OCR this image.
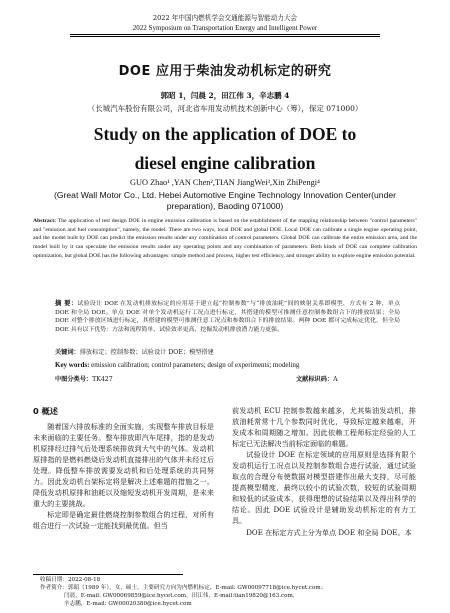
2022 年中国内燃机学会交通能源与智能动力大会
2022 Symposium on Transportation Energy and Intelligent Power
DOE 应用于柴油发动机标定的研究
郭昭 1，闫晨 2，田江伟 3，辛志鹏 4
（长城汽车股份有限公司，河北省车用发动机技术创新中心（筹），保定 071000）
Study on the application of DOE to
diesel engine calibration
GUO Zhao¹ ,YAN Chen²,TIAN JiangWei³,Xin ZhiPengi⁴
(Great Wall Motor Co., Ltd. Hebei Automotive Engine Technology Innovation Center(under preparation), Baoding 071000)
Abstract: The application of test design DOE in engine emission calibration is based on the establishment of the mapping relationship between "control parameters" and "emission and fuel consumption", namely, the model. There are two ways, local DOE and global DOE. Local DOE can calibrate a single engine operating point, and the model built by DOE can predict the emission results under any combination of control parameters. Global DOE can calibrate the entire emission area, and the model built by it can speculate the emission results under any operating points and any combination of parameters. Both kinds of DOE can complete calibration optimization, but global DOE has the following advantages: simple method and process, higher test efficiency, and stronger ability to explore engine emission potential.
摘 要：试验设计 DOE 在发动机排放标定的应用基于建立起“控制参数”与“排放油耗”间的映射关系即模型，方式有 2 种，单点 DOE 和全局 DOE。单点 DOE 对单个发动机运行工况点进行标定，其搭建的模型可推测任意控制参数组合下的排放结果；全局 DOE 对整个排放区域进行标定，其搭建的模型可推测任意工况点和参数组合下的排放结果。两种 DOE 都可完成标定优化，但全局 DOE 具有以下优势：方法和流程简单、试验效率更高、挖掘发动机排放潜力能力更强。
关键词：排放标定；控制参数；试验设计 DOE；模型搭建
Key words: emission calibration; control parameters; design of experiments; modeling
中图分类号：TK427	文献标识码：A
0 概述

随着国六排放标准的全面实施，实现整车排放目标是未来面临的主要任务。整车排放即汽车尾排，指的是发动机原排经过排气后处理系统排放到大气中的气体。发动机原排指的是燃料燃烧后发动机直接排出的气体并未经过后处理。降低整车排放需要发动机和后处理系统的共同努力。因此发动机台架标定将是解决上述难题的措施之一。降低发动机原排和油耗以及缩短发动机开发周期，是未来重大的主要挑战。

标定即是确定最佳燃烧控制参数组合的过程，对所有组合进行一次试验一定能找到最优值。但当

前发动机 ECU 控制参数越来越多，尤其柴油发动机，排放油耗常常十几个参数同时优化，导致标定越来越难，开发成本和周期随之增加。因此依赖工程师标定经验的人工标定已无法解决当前标定面临的难题。

试验设计 DOE 在标定领域的应用原则是选择有限个发动机运行工况点以及控制参数组合进行试验，通过试验取点的合理分布使数据对模型搭建作出最大支持，尽可能提高模型精度，最终以较小的试验次数，较短的试验周期和较低的试验成本，获得理想的试验结果以及得出科学的结论。因此 DOE 试验设计是辅助发动机标定的有力工具。

DOE 在标定方式上分为单点 DOE 和全局 DOE。本

收稿日期：2022-08-18
作者简介：郭昭（1989 年），女，硕士，主要研究方向为内燃机标定，E-mail: GW00097718@ice.hycet.com；
闫晨，E-mail: GW00069859@ice.hycet.com，田江伟，E-mail:tian19820@163.com，
辛志鹏，E-mail: GW00020380@ice.hycet.com
